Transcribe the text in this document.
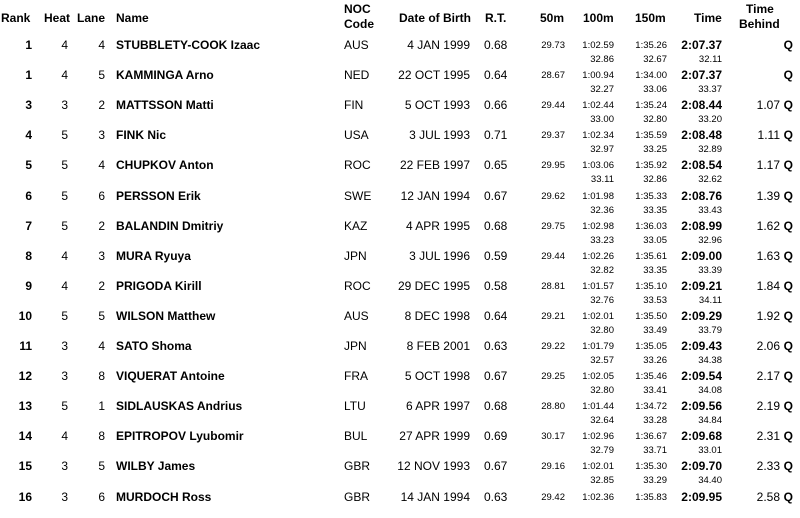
Rank Heat Lane Name
NOC
Code Date of Birth R.T.	50m 100m 150m Time
Time
Behind
1 4	4 STUBBLETY-COOK Izaac	AUS	4 JAN 1999 0.68	29.73 1:02.59 1:35.26 2:07.37
32.86	32.67	32.11
Q
1 4	5 KAMMINGA Arno	NED 22 OCT 1995 0.64	28.67 1:00.94 1:34.00 2:07.37
32.27	33.06	33.37
Q
3 3	2 MATTSSON Matti	FIN	5 OCT 1993 0.66	29.44 1:02.44 1:35.24 2:08.44
33.00	32.80	33.20
1.07 Q
4 5	3 FINK Nic	USA	3 JUL 1993 0.71	29.37 1:02.34 1:35.59 2:08.48
32.97	33.25	32.89
1.11 Q
5 5	4 CHUPKOV Anton	ROC 22 FEB 1997 0.65	29.95 1:03.06 1:35.92 2:08.54
33.11	32.86	32.62
1.17 Q
6 5	6 PERSSON Erik	SWE 12 JAN 1994 0.67	29.62 1:01.98 1:35.33 2:08.76
32.36	33.35	33.43
1.39 Q
7 5	2 BALANDIN Dmitriy	KAZ	4 APR 1995 0.68	29.75 1:02.98 1:36.03 2:08.99
33.23	33.05	32.96
1.62 Q
8 4	3 MURA Ryuya	JPN	3 JUL 1996 0.59	29.44 1:02.26 1:35.61 2:09.00
32.82	33.35	33.39
1.63 Q
9 4	2 PRIGODA Kirill	ROC 29 DEC 1995 0.58	28.81 1:01.57 1:35.10 2:09.21
32.76	33.53	34.11
1.84 Q
10 5	5 WILSON Matthew	AUS	8 DEC 1998 0.64	29.21 1:02.01 1:35.50 2:09.29
32.80	33.49	33.79
1.92 Q
11 3	4 SATO Shoma	JPN	8 FEB 2001 0.63	29.22 1:01.79 1:35.05 2:09.43
32.57	33.26	34.38
2.06 Q
12 3	8 VIQUERAT Antoine	FRA	5 OCT 1998 0.67	29.25 1:02.05 1:35.46 2:09.54
32.80	33.41	34.08
2.17 Q
13 5	1 SIDLAUSKAS Andrius	LTU	6 APR 1997 0.68	28.80 1:01.44 1:34.72 2:09.56
32.64	33.28	34.84
2.19 Q
14 4	8 EPITROPOV Lyubomir	BUL	27 APR 1999 0.69	30.17 1:02.96 1:36.67 2:09.68
32.79	33.71	33.01
2.31 Q
15 3	5 WILBY James	GBR 12 NOV 1993 0.67	29.16 1:02.01 1:35.30 2:09.70
32.85	33.29	34.40
2.33 Q
16 3	6 MURDOCH Ross	GBR	14 JAN 1994 0.63	29.42 1:02.36 1:35.83 2:09.95	2.58 Q
